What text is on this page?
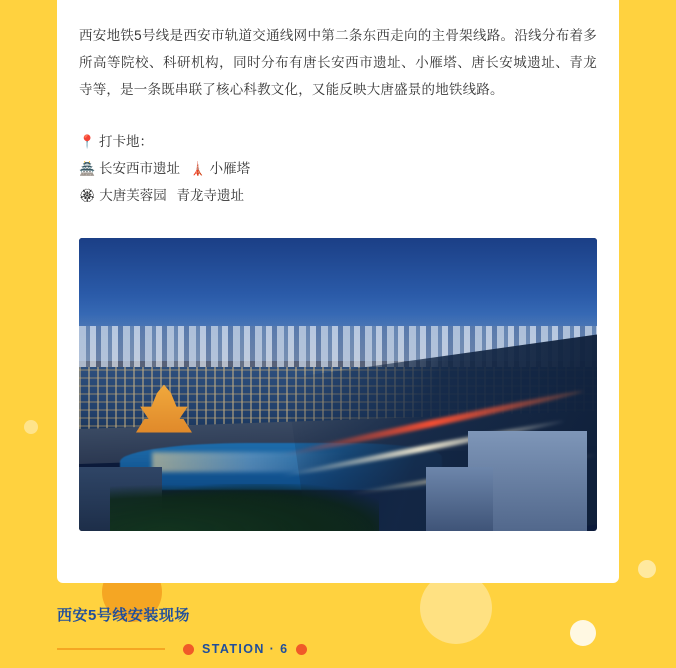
西安地铁5号线是西安市轨道交通线网中第二条东西走向的主骨架线路。沿线分布着多所高等院校、科研机构，同时分布有唐长安西市遗址、小雁塔、唐长安城遗址、青龙寺等，是一条既串联了核心科教文化，又能反映大唐盛景的地铁线路。

📍 打卡地：
🏯 长安西市遗址 🗼 小雁塔
🏵 大唐芙蓉园 青龙寺遗址
西安5号线安装现场
STATION · 6
